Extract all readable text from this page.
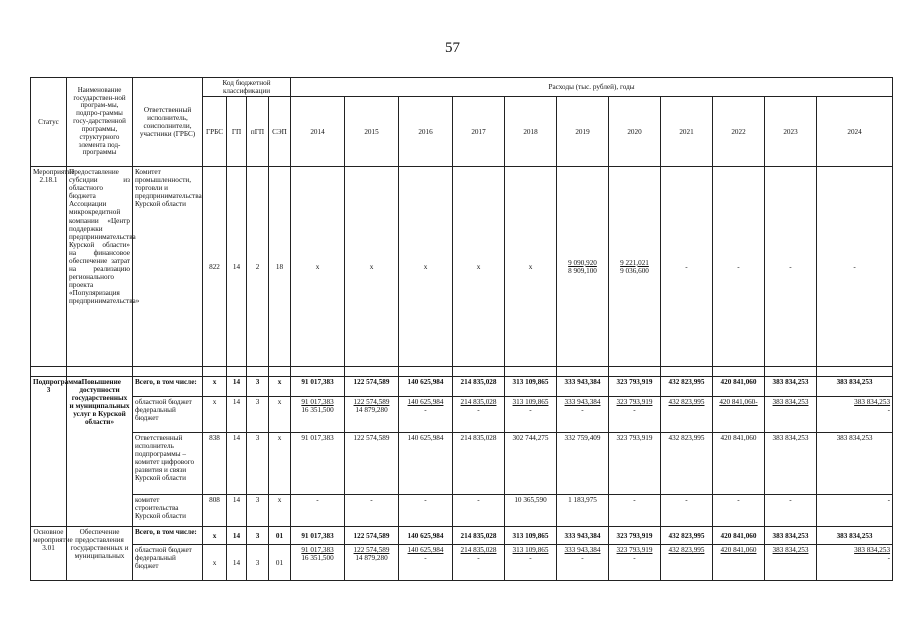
57
Статус	Наименование государствен-ной програм-мы, подпро-граммы госу-дарственной программы, структурного элемента под-программы	Ответственный исполнитель, соисполнители, участники (ГРБС)	Код бюджетной классификации				Расходы (тыс. рублей), годы										
			ГРБС	ГП	пГП	СЭП	2014	2015	2016	2017	2018	2019	2020	2021	2022	2023	2024
Мероприятие 2.18.1	Предоставление субсидии из областного бюджета Ассоциации микрокредитной компании «Центр поддержки предпринимательства Курской области» на финансовое обеспечение затрат на реализацию регионального проекта «Популяризация предпринимательства»	Комитет промышленности, торговли и предпринимательства Курской области	822	14	2	18	х	х	х	х	х	9 090,920
8 909,100	9 221,021
9 036,600	-	-	-	-

Подпрограмма 3	«Повышение доступности государственных и муниципальных услуг в Курской области»	Всего, в том числе:	х	14	3	х	91 017,383	122 574,589	140 625,984	214 835,028	313 109,865	333 943,384	323 793,919	432 823,995	420 841,060	383 834,253	383 834,253

		областной бюджет
федеральный бюджет	х	14	3	х	91 017,383
16 351,500	122 574,589
14 879,280	140 625,984
-	214 835,028
-	313 109,865
-	333 943,384
-	323 793,919
-	432 823,995	420 841,060-	383 834,253	383 834,253
-

		Ответственный исполнитель подпрограммы – комитет цифрового развития и связи Курской области	838	14	3	х	91 017,383	122 574,589	140 625,984	214 835,028	302 744,275	332 759,409	323 793,919	432 823,995	420 841,060	383 834,253	383 834,253
		комитет строительства Курской области	808	14	3	х	-	-	-	-	10 365,590	1 183,975	-	-	-	-	-
Основное мероприятие 3.01	Обеспечение предоставления государственных и муниципальных	Всего, в том числе:	х	14	3	01	91 017,383	122 574,589	140 625,984	214 835,028	313 109,865	333 943,384	323 793,919	432 823,995	420 841,060	383 834,253	383 834,253

		областной бюджет
федеральный бюджет	х	14	3	01	91 017,383
16 351,500	122 574,589
14 879,280	140 625,984
-	214 835,028
-	313 109,865
-	333 943,384
-	323 793,919
-	432 823,995	420 841,060	383 834,253	383 834,253
-
